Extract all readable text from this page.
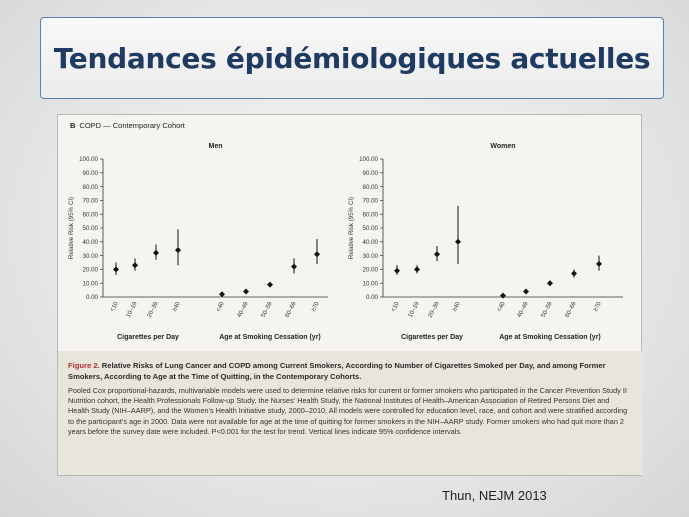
Tendances épidémiologiques actuelles
Men
0.00
10.00
20.00
30.00
40.00
50.00
60.00
70.00
80.00
90.00
100.00
Relative Risk (95% CI)
<10 10–19 20–39 ≥40
Cigarettes per Day
<40 40–49 50–59 60–69 ≥70
Age at Smoking Cessation (yr)
Women
0.00
10.00
20.00
30.00
40.00
50.00
60.00
70.00
80.00
90.00
100.00
Relative Risk (95% CI)
<10 10–19 20–39 ≥40
Cigarettes per Day
<40 40–49 50–59 60–69	≥70
Age at Smoking Cessation (yr)
B COPD — Contemporary Cohort
Figure 2. Relative Risks of Lung Cancer and COPD among Current Smokers, According to Number of Cigarettes Smoked per Day, and among Former Smokers, According to Age at the Time of Quitting, in the Contemporary Cohorts.
Pooled Cox proportional-hazards, multivariable models were used to determine relative risks for current or former smokers who participated in the Cancer Prevention Study II Nutrition cohort, the Health Professionals Follow-up Study, the Nurses' Health Study, the National Institutes of Health–American Association of Retired Persons Diet and Health Study (NIH–AARP), and the Women's Health Initiative study, 2000–2010. All models were controlled for education level, race, and cohort and were stratified according to the participant's age in 2000. Data were not available for age at the time of quitting for former smokers in the NIH–AARP study. Former smokers who had quit more than 2 years before the survey date were included. P<0.001 for the test for trend. Vertical lines indicate 95% confidence intervals.
Thun, NEJM 2013
